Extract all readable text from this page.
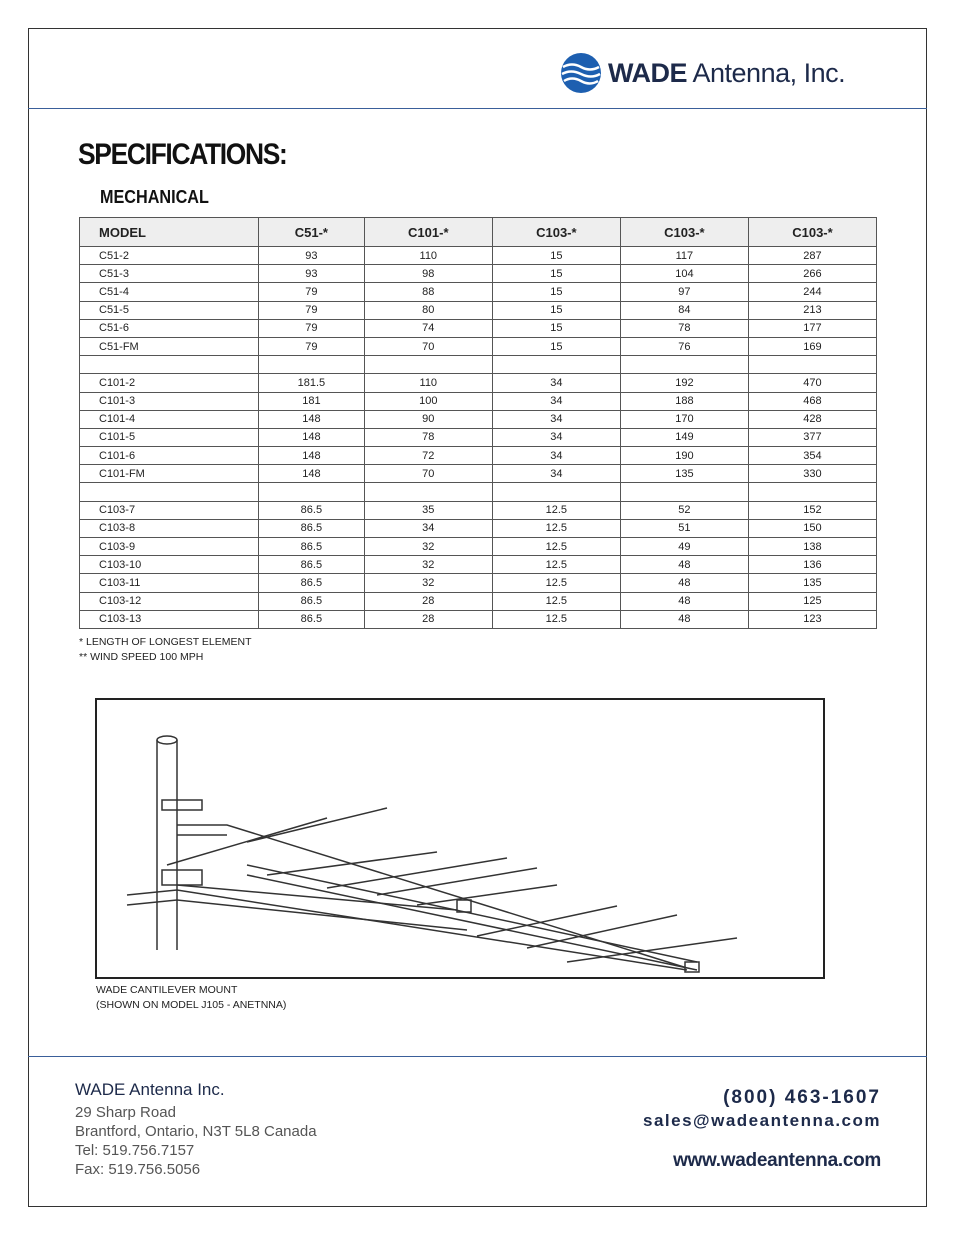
WADE Antenna, Inc.
SPECIFICATIONS:
MECHANICAL
MODEL	C51-*	C101-*	C103-*	C103-*	C103-*
C51-2	93	110	15	117	287
C51-3	93	98	15	104	266
C51-4	79	88	15	97	244
C51-5	79	80	15	84	213
C51-6	79	74	15	78	177
C51-FM	79	70	15	76	169

C101-2	181.5	110	34	192	470
C101-3	181	100	34	188	468
C101-4	148	90	34	170	428
C101-5	148	78	34	149	377
C101-6	148	72	34	190	354
C101-FM	148	70	34	135	330

C103-7	86.5	35	12.5	52	152
C103-8	86.5	34	12.5	51	150
C103-9	86.5	32	12.5	49	138
C103-10	86.5	32	12.5	48	136
C103-11	86.5	32	12.5	48	135
C103-12	86.5	28	12.5	48	125
C103-13	86.5	28	12.5	48	123
* LENGTH OF LONGEST ELEMENT
** WIND SPEED 100 MPH
WADE CANTILEVER MOUNT
(SHOWN ON MODEL J105 - ANETNNA)
WADE Antenna Inc.
29 Sharp Road
Brantford, Ontario, N3T 5L8 Canada
Tel: 519.756.7157
Fax: 519.756.5056
(800) 463-1607
sales@wadeantenna.com
www.wadeantenna.com
